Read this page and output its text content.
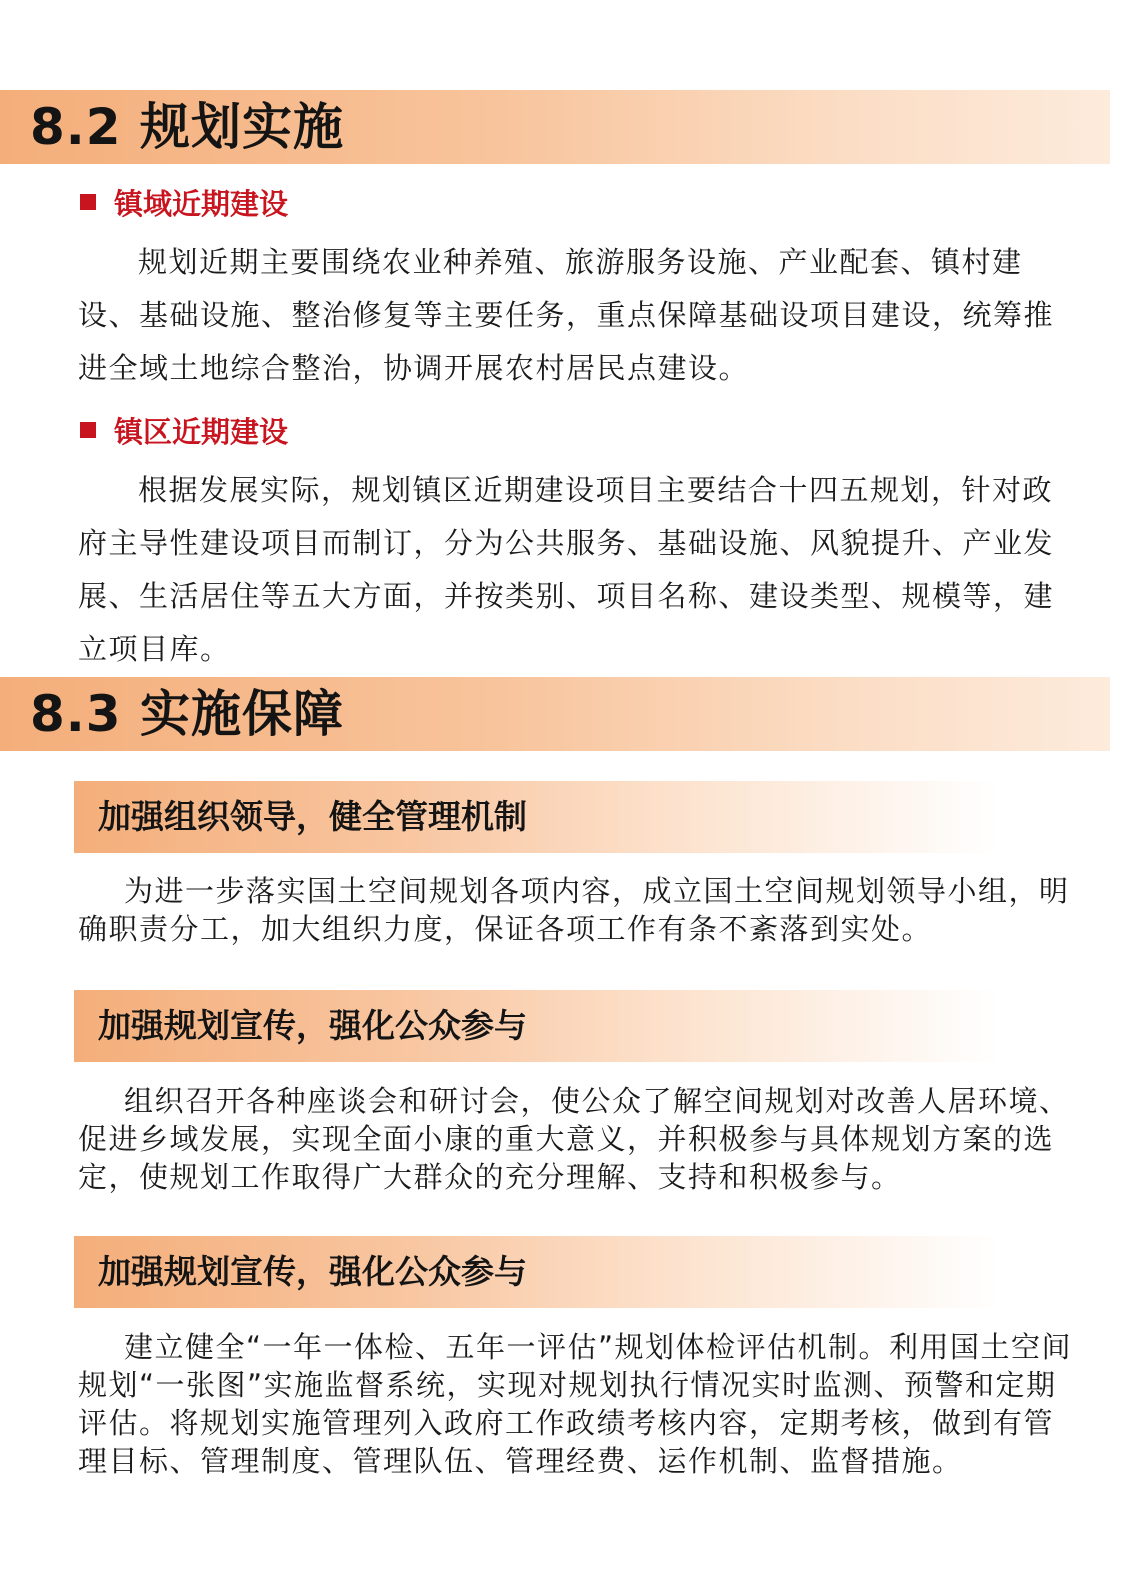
8.2 规划实施
镇域近期建设
规划近期主要围绕农业种养殖、旅游服务设施、产业配套、镇村建设、基础设施、整治修复等主要任务，重点保障基础设项目建设，统筹推进全域土地综合整治，协调开展农村居民点建设。
镇区近期建设
根据发展实际，规划镇区近期建设项目主要结合十四五规划，针对政府主导性建设项目而制订，分为公共服务、基础设施、风貌提升、产业发展、生活居住等五大方面，并按类别、项目名称、建设类型、规模等，建立项目库。
8.3 实施保障
加强组织领导，健全管理机制
为进一步落实国土空间规划各项内容，成立国土空间规划领导小组，明确职责分工，加大组织力度，保证各项工作有条不紊落到实处。
加强规划宣传，强化公众参与
组织召开各种座谈会和研讨会，使公众了解空间规划对改善人居环境、促进乡域发展，实现全面小康的重大意义，并积极参与具体规划方案的选定，使规划工作取得广大群众的充分理解、支持和积极参与。
加强规划宣传，强化公众参与
建立健全“一年一体检、五年一评估”规划体检评估机制。利用国土空间规划“一张图”实施监督系统，实现对规划执行情况实时监测、预警和定期评估。将规划实施管理列入政府工作政绩考核内容，定期考核，做到有管理目标、管理制度、管理队伍、管理经费、运作机制、监督措施。
